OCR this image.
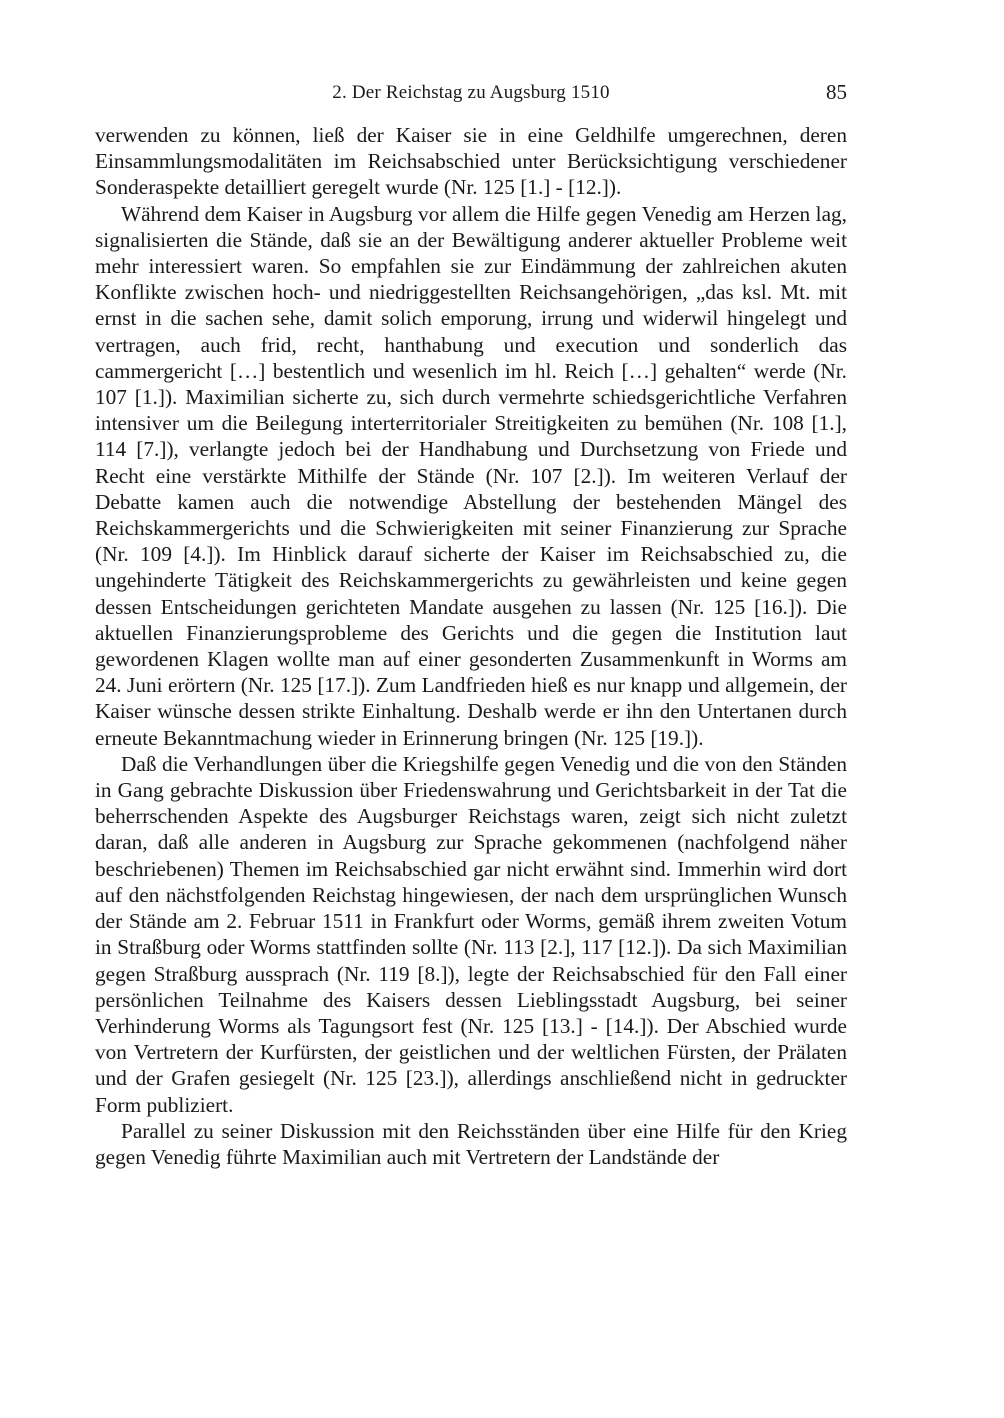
2. Der Reichstag zu Augsburg 1510	85

verwenden zu können, ließ der Kaiser sie in eine Geldhilfe umgerechnen, deren Einsammlungsmodalitäten im Reichsabschied unter Berücksichtigung verschiedener Sonderaspekte detailliert geregelt wurde (Nr. 125 [1.] - [12.]).

Während dem Kaiser in Augsburg vor allem die Hilfe gegen Venedig am Herzen lag, signalisierten die Stände, daß sie an der Bewältigung anderer aktueller Probleme weit mehr interessiert waren. So empfahlen sie zur Eindämmung der zahlreichen akuten Konflikte zwischen hoch- und niedriggestellten Reichsangehörigen, „das ksl. Mt. mit ernst in die sachen sehe, damit solich emporung, irrung und widerwil hingelegt und vertragen, auch frid, recht, hanthabung und execution und sonderlich das cammergericht […] bestentlich und wesenlich im hl. Reich […] gehalten“ werde (Nr. 107 [1.]). Maximilian sicherte zu, sich durch vermehrte schiedsgerichtliche Verfahren intensiver um die Beilegung interterritorialer Streitigkeiten zu bemühen (Nr. 108 [1.], 114 [7.]), verlangte jedoch bei der Handhabung und Durchsetzung von Friede und Recht eine verstärkte Mithilfe der Stände (Nr. 107 [2.]). Im weiteren Verlauf der Debatte kamen auch die notwendige Abstellung der bestehenden Mängel des Reichskammergerichts und die Schwierigkeiten mit seiner Finanzierung zur Sprache (Nr. 109 [4.]). Im Hinblick darauf sicherte der Kaiser im Reichsabschied zu, die ungehinderte Tätigkeit des Reichskammergerichts zu gewährleisten und keine gegen dessen Entscheidungen gerichteten Mandate ausgehen zu lassen (Nr. 125 [16.]). Die aktuellen Finanzierungsprobleme des Gerichts und die gegen die Institution laut gewordenen Klagen wollte man auf einer gesonderten Zusammenkunft in Worms am 24. Juni erörtern (Nr. 125 [17.]). Zum Landfrieden hieß es nur knapp und allgemein, der Kaiser wünsche dessen strikte Einhaltung. Deshalb werde er ihn den Untertanen durch erneute Bekanntmachung wieder in Erinnerung bringen (Nr. 125 [19.]).

Daß die Verhandlungen über die Kriegshilfe gegen Venedig und die von den Ständen in Gang gebrachte Diskussion über Friedenswahrung und Gerichtsbarkeit in der Tat die beherrschenden Aspekte des Augsburger Reichstags waren, zeigt sich nicht zuletzt daran, daß alle anderen in Augsburg zur Sprache gekommenen (nachfolgend näher beschriebenen) Themen im Reichsabschied gar nicht erwähnt sind. Immerhin wird dort auf den nächstfolgenden Reichstag hingewiesen, der nach dem ursprünglichen Wunsch der Stände am 2. Februar 1511 in Frankfurt oder Worms, gemäß ihrem zweiten Votum in Straßburg oder Worms stattfinden sollte (Nr. 113 [2.], 117 [12.]). Da sich Maximilian gegen Straßburg aussprach (Nr. 119 [8.]), legte der Reichsabschied für den Fall einer persönlichen Teilnahme des Kaisers dessen Lieblingsstadt Augsburg, bei seiner Verhinderung Worms als Tagungsort fest (Nr. 125 [13.] - [14.]). Der Abschied wurde von Vertretern der Kurfürsten, der geistlichen und der weltlichen Fürsten, der Prälaten und der Grafen gesiegelt (Nr. 125 [23.]), allerdings anschließend nicht in gedruckter Form publiziert.

Parallel zu seiner Diskussion mit den Reichsständen über eine Hilfe für den Krieg gegen Venedig führte Maximilian auch mit Vertretern der Landstände der
